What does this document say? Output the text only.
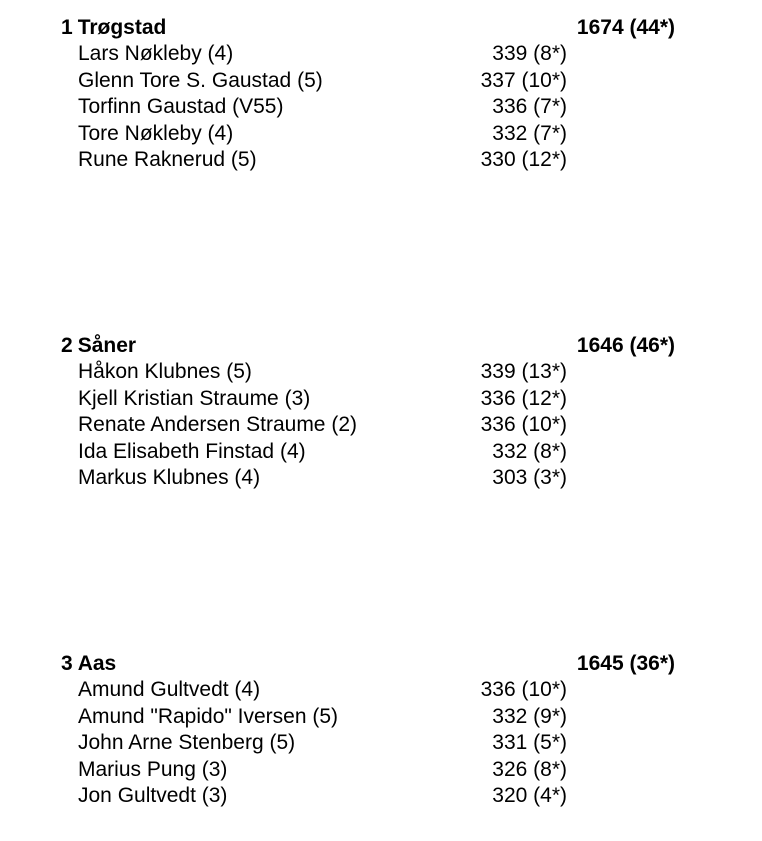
1 Trøgstad	1674 (44*)
Lars Nøkleby (4)	339 (8*)
Glenn Tore S. Gaustad (5)	337 (10*)
Torfinn Gaustad (V55)	336 (7*)
Tore Nøkleby (4)	332 (7*)
Rune Raknerud (5)	330 (12*)
2 Såner	1646 (46*)
Håkon Klubnes (5)	339 (13*)
Kjell Kristian Straume (3)	336 (12*)
Renate Andersen Straume (2)	336 (10*)
Ida Elisabeth Finstad (4)	332 (8*)
Markus Klubnes (4)	303 (3*)
3 Aas	1645 (36*)
Amund Gultvedt (4)	336 (10*)
Amund "Rapido" Iversen (5)	332 (9*)
John Arne Stenberg (5)	331 (5*)
Marius Pung (3)	326 (8*)
Jon Gultvedt (3)	320 (4*)
